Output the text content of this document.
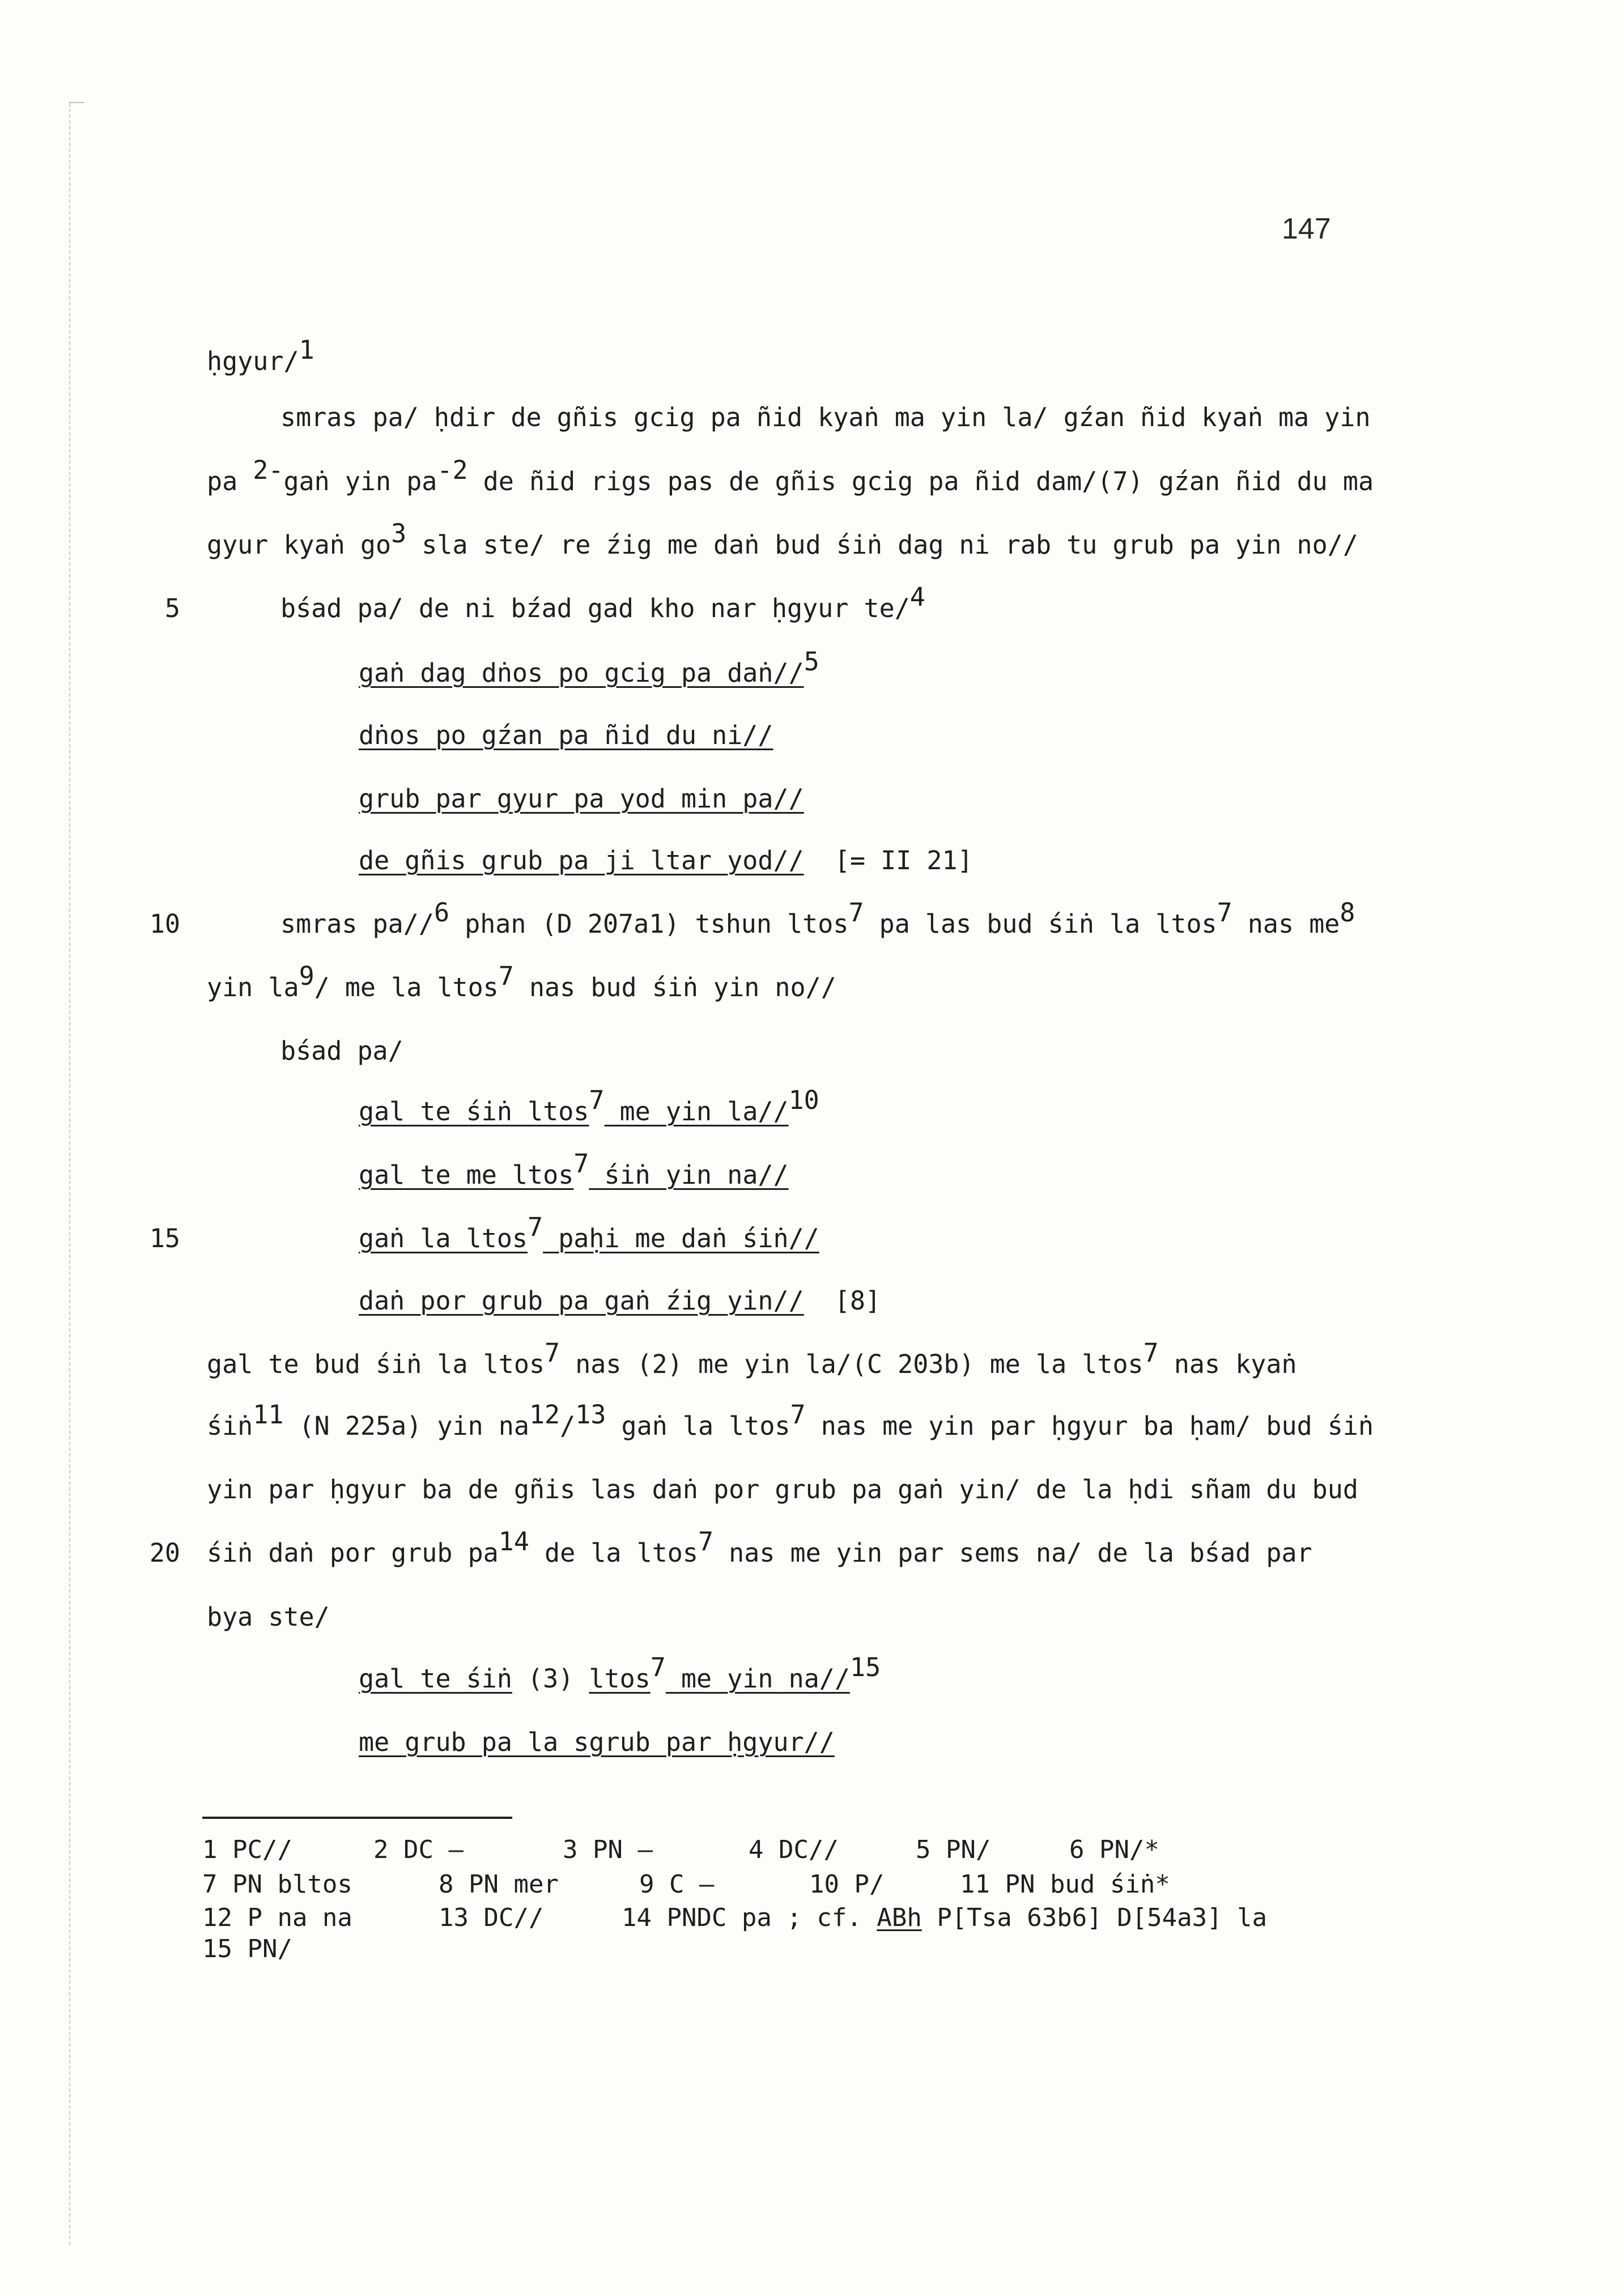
147
5
10
15
20
ḥgyur/1
smras pa/ ḥdir de gñis gcig pa ñid kyaṅ ma yin la/ gźan ñid kyaṅ ma yin
pa 2-gaṅ yin pa-2 de ñid rigs pas de gñis gcig pa ñid dam/(7) gźan ñid du ma
gyur kyaṅ go3 sla ste/ re źig me daṅ bud śiṅ dag ni rab tu grub pa yin no//
bśad pa/ de ni bźad gad kho nar ḥgyur te/4
gaṅ dag dṅos po gcig pa daṅ//5
dṅos po gźan pa ñid du ni//
grub par gyur pa yod min pa//
de gñis grub pa ji ltar yod//  [= II 21]
smras pa//6 phan (D 207a1) tshun ltos7 pa las bud śiṅ la ltos7 nas me8
yin la9/ me la ltos7 nas bud śiṅ yin no//
bśad pa/
gal te śiṅ ltos7 me yin la//10
gal te me ltos7 śiṅ yin na//
gaṅ la ltos7 paḥi me daṅ śiṅ//
daṅ por grub pa gaṅ źig yin//  [8]
gal te bud śiṅ la ltos7 nas (2) me yin la/(C 203b) me la ltos7 nas kyaṅ
śiṅ11 (N 225a) yin na12/13 gaṅ la ltos7 nas me yin par ḥgyur ba ḥam/ bud śiṅ
yin par ḥgyur ba de gñis las daṅ por grub pa gaṅ yin/ de la ḥdi sñam du bud
śiṅ daṅ por grub pa14 de la ltos7 nas me yin par sems na/ de la bśad par
bya ste/
gal te śiṅ (3) ltos7 me yin na//15
me grub pa la sgrub par ḥgyur//
1 PC//	2 DC —	3 PN —	4 DC//	5 PN/	6 PN/*
7 PN bltos	8 PN mer	9 C —	10 P/	11 PN bud śiṅ*
12 P na na	13 DC//	14 PNDC pa ; cf. ABh P[Tsa 63b6] D[54a3] la
15 PN/
